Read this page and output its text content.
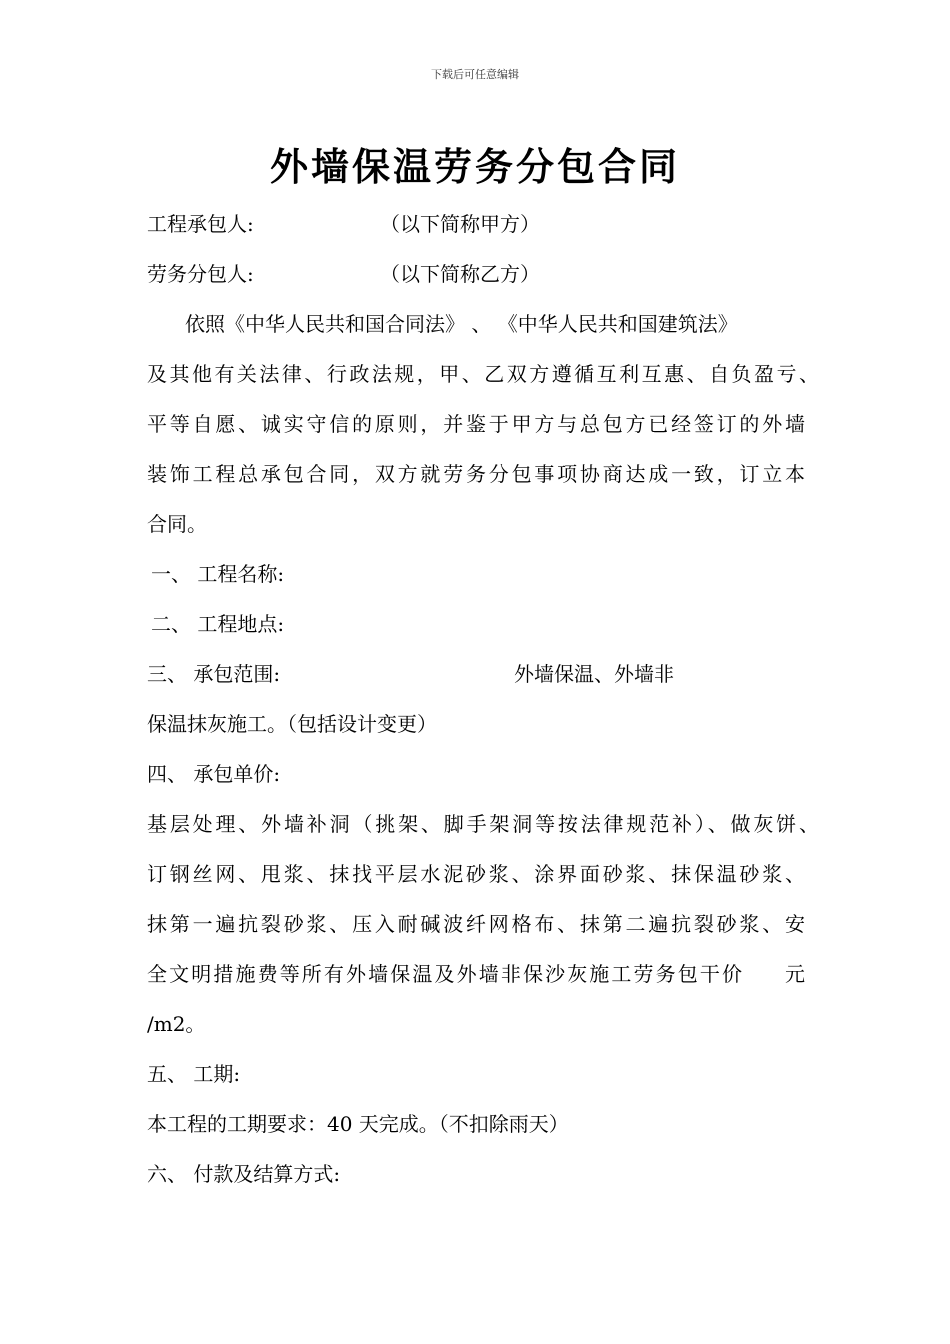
下载后可任意编辑
外墙保温劳务分包合同
工程承包人:	（以下简称甲方）
劳务分包人:	（以下简称乙方）
依照《中华人民共和国合同法》 、 《中华人民共和国建筑法》
及其他有关法律、行政法规，甲、乙双方遵循互利互惠、自负盈亏、
平等自愿、诚实守信的原则，并鉴于甲方与总包方已经签订的外墙
装饰工程总承包合同，双方就劳务分包事项协商达成一致，订立本
合同。
一、 工程名称:
二、 工程地点:
三、 承包范围:	外墙保温、外墙非
保温抹灰施工。（包括设计变更）
四、 承包单价:
基层处理、外墙补洞（挑架、脚手架洞等按法律规范补）、做灰饼、
订钢丝网、甩浆、抹找平层水泥砂浆、涂界面砂浆、抹保温砂浆、
抹第一遍抗裂砂浆、压入耐碱波纤网格布、抹第二遍抗裂砂浆、安
全文明措施费等所有外墙保温及外墙非保沙灰施工劳务包干价 元
/m2。
五、 工期:
本工程的工期要求：40 天完成。（不扣除雨天）
六、 付款及结算方式:
